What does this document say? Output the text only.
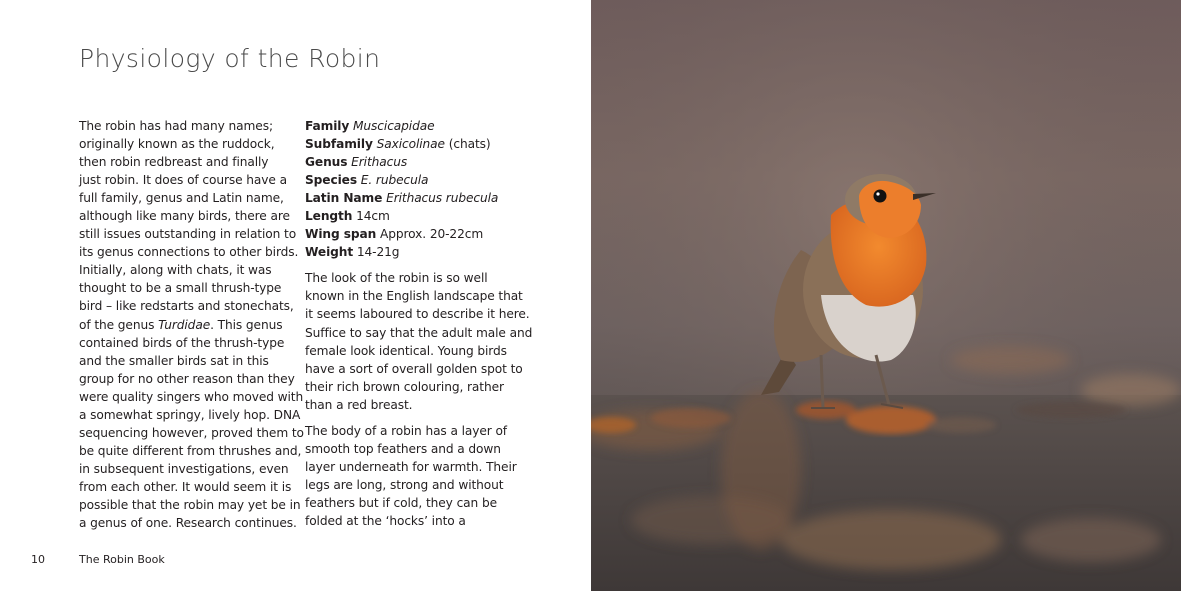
Physiology of the Robin
The robin has had many names;
originally known as the ruddock,
then robin redbreast and finally
just robin. It does of course have a
full family, genus and Latin name,
although like many birds, there are
still issues outstanding in relation to
its genus connections to other birds.
Initially, along with chats, it was
thought to be a small thrush-type
bird – like redstarts and stonechats,
of the genus Turdidae. This genus
contained birds of the thrush-type
and the smaller birds sat in this
group for no other reason than they
were quality singers who moved with
a somewhat springy, lively hop. DNA
sequencing however, proved them to
be quite different from thrushes and,
in subsequent investigations, even
from each other. It would seem it is
possible that the robin may yet be in
a genus of one. Research continues.
Family Muscicapidae
Subfamily Saxicolinae (chats)
Genus Erithacus
Species E. rubecula
Latin Name Erithacus rubecula
Length 14cm
Wing span Approx. 20-22cm
Weight 14-21g
The look of the robin is so well
known in the English landscape that
it seems laboured to describe it here.
Suffice to say that the adult male and
female look identical. Young birds
have a sort of overall golden spot to
their rich brown colouring, rather
than a red breast.
The body of a robin has a layer of
smooth top feathers and a down
layer underneath for warmth. Their
legs are long, strong and without
feathers but if cold, they can be
folded at the ‘hocks’ into a
10	The Robin Book
